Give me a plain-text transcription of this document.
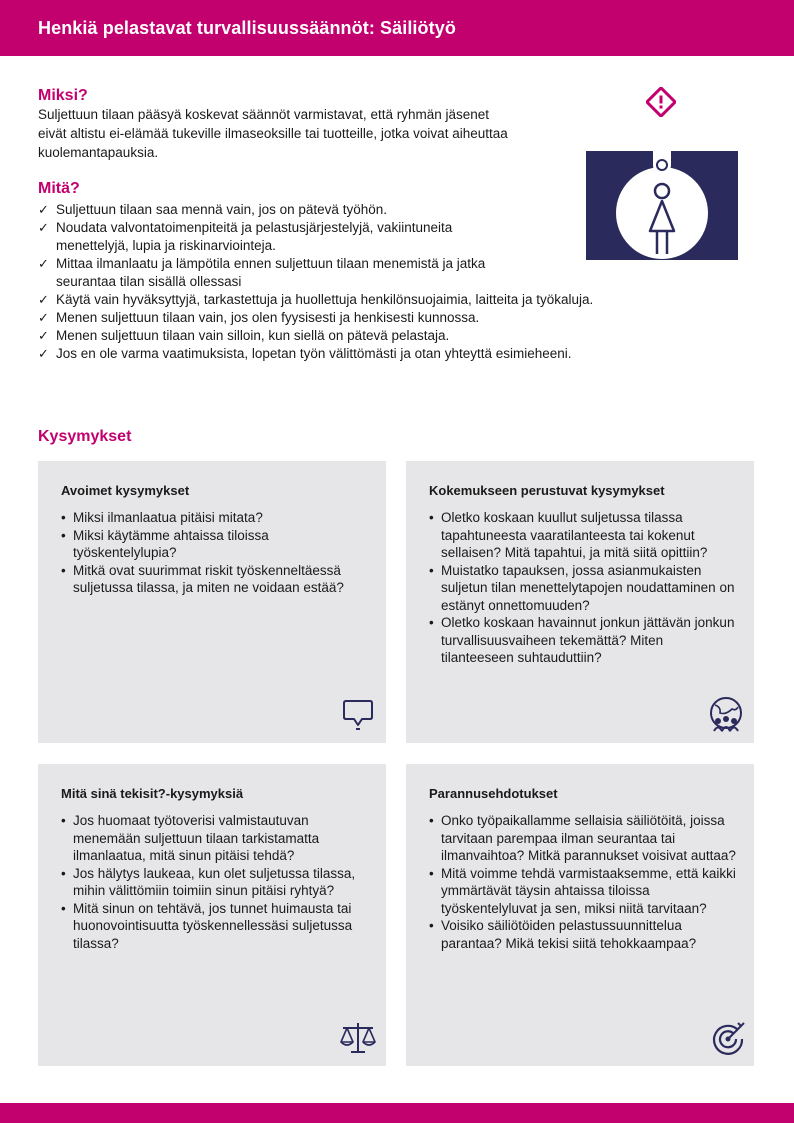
Henkiä pelastavat turvallisuussäännöt: Säiliötyö
Miksi?

Suljettuun tilaan pääsyä koskevat säännöt varmistavat, että ryhmän jäsenet eivät altistu ei-elämää tukeville ilmaseoksille tai tuotteille, jotka voivat aiheuttaa kuolemantapauksia.

Mitä?
✓ Suljettuun tilaan saa mennä vain, jos on pätevä työhön.
✓ Noudata valvontatoimenpiteitä ja pelastusjärjestelyjä, vakiintuneita menettelyjä, lupia ja riskinarviointeja.
✓ Mittaa ilmanlaatu ja lämpötila ennen suljettuun tilaan menemistä ja jatka seurantaa tilan sisällä ollessasi
✓ Käytä vain hyväksyttyjä, tarkastettuja ja huollettuja henkilönsuojaimia, laitteita ja työkaluja.
✓ Menen suljettuun tilaan vain, jos olen fyysisesti ja henkisesti kunnossa.
✓ Menen suljettuun tilaan vain silloin, kun siellä on pätevä pelastaja.
✓ Jos en ole varma vaatimuksista, lopetan työn välittömästi ja otan yhteyttä esimieheeni.
Kysymykset
Avoimet kysymykset
• Miksi ilmanlaatua pitäisi mitata?
• Miksi käytämme ahtaissa tiloissa työskentelylupia?
• Mitkä ovat suurimmat riskit työskenneltäessä suljetussa tilassa, ja miten ne voidaan estää?
Kokemukseen perustuvat kysymykset
• Oletko koskaan kuullut suljetussa tilassa tapahtuneesta vaaratilanteesta tai kokenut sellaisen? Mitä tapahtui, ja mitä siitä opittiin?
• Muistatko tapauksen, jossa asianmukaisten suljetun tilan menettelytapojen noudattaminen on estänyt onnettomuuden?
• Oletko koskaan havainnut jonkun jättävän jonkun turvallisuusvaiheen tekemättä? Miten tilanteeseen suhtauduttiin?
Mitä sinä tekisit?-kysymyksiä
• Jos huomaat työtoverisi valmistautuvan menemään suljettuun tilaan tarkistamatta ilmanlaatua, mitä sinun pitäisi tehdä?
• Jos hälytys laukeaa, kun olet suljetussa tilassa, mihin välittömiin toimiin sinun pitäisi ryhtyä?
• Mitä sinun on tehtävä, jos tunnet huimausta tai huonovointisuutta työskennellessäsi suljetussa tilassa?
Parannusehdotukset
• Onko työpaikallamme sellaisia säiliötöitä, joissa tarvitaan parempaa ilman seurantaa tai ilmanvaihtoa? Mitkä parannukset voisivat auttaa?
• Mitä voimme tehdä varmistaaksemme, että kaikki ymmärtävät täysin ahtaissa tiloissa työskentelyluvat ja sen, miksi niitä tarvitaan?
• Voisiko säiliötöiden pelastussuunnittelua parantaa? Mikä tekisi siitä tehokkaampaa?
